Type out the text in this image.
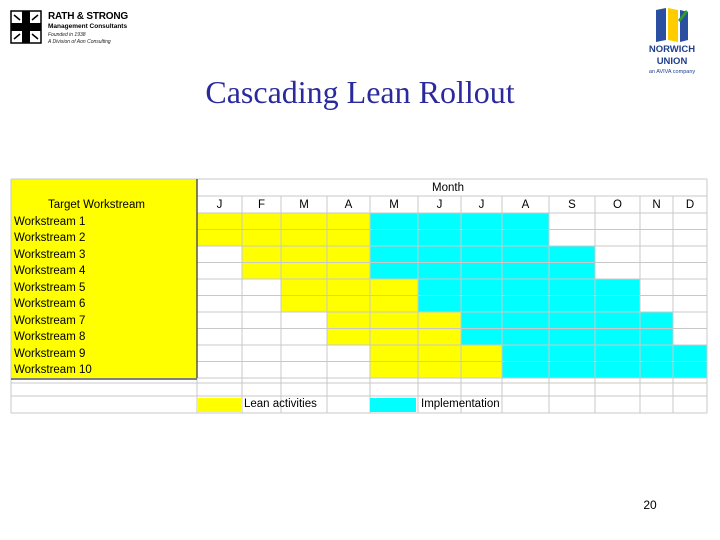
RATH & STRONG
Management Consultants
Founded in 1938
A Division of Aon Consulting
NORWICH
UNION
an AVIVA company
Cascading Lean Rollout
Month
Target Workstream	J	F	M	A	M	J	J	A	S	O	N	D
Workstream 1
Workstream 2
Workstream 3
Workstream 4
Workstream 5
Workstream 6
Workstream 7
Workstream 8
Workstream 9
Workstream 10
Lean activities	Implementation
20
